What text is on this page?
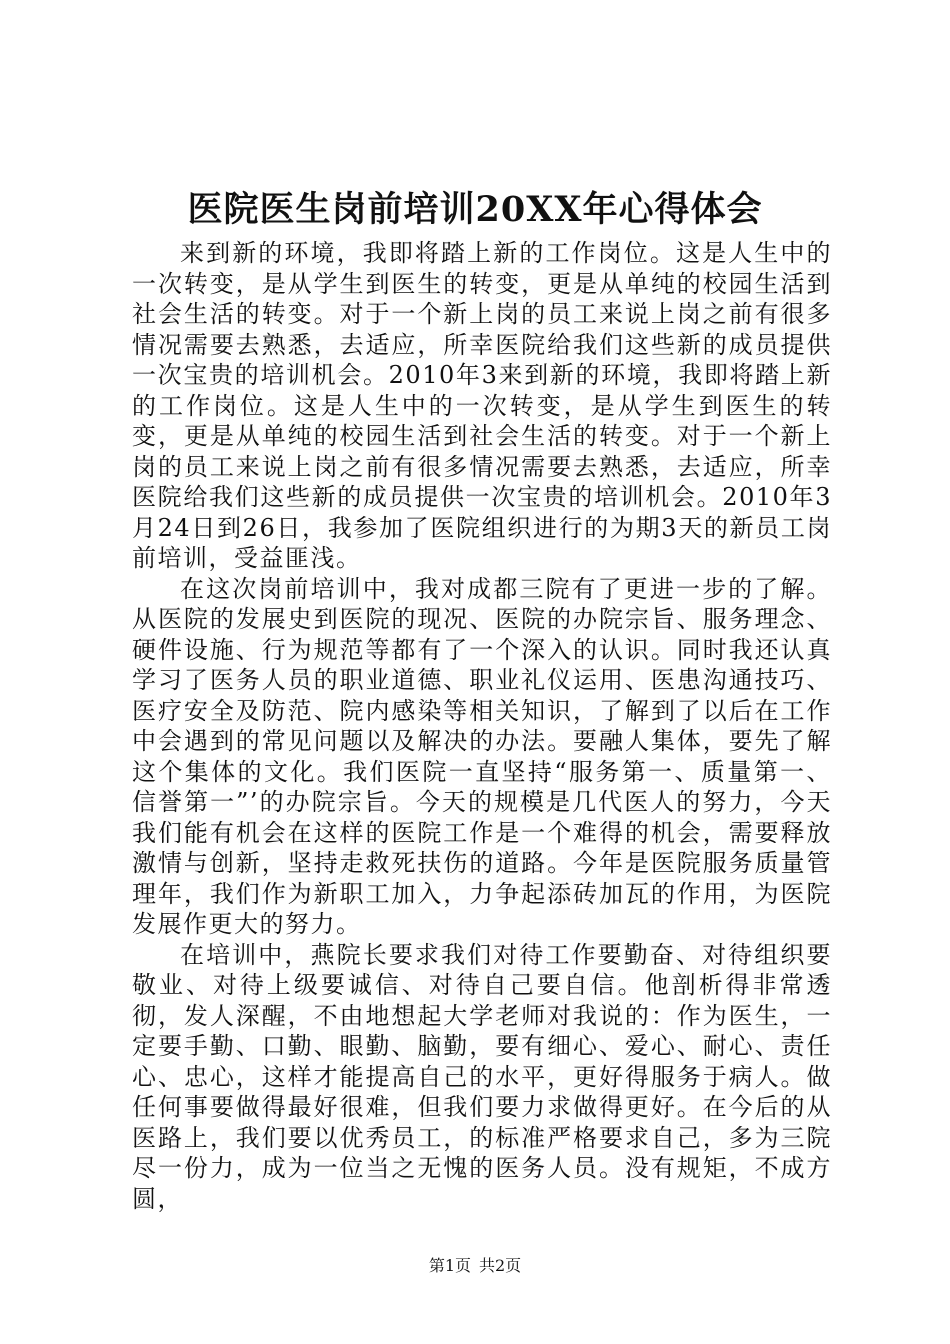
医院医生岗前培训20XX年心得体会

来到新的环境，我即将踏上新的工作岗位。这是人生中的一次转变，是从学生到医生的转变，更是从单纯的校园生活到社会生活的转变。对于一个新上岗的员工来说上岗之前有很多情况需要去熟悉，去适应，所幸医院给我们这些新的成员提供一次宝贵的培训机会。2010年3来到新的环境，我即将踏上新的工作岗位。这是人生中的一次转变，是从学生到医生的转变，更是从单纯的校园生活到社会生活的转变。对于一个新上岗的员工来说上岗之前有很多情况需要去熟悉，去适应，所幸医院给我们这些新的成员提供一次宝贵的培训机会。2010年3月24日到26日，我参加了医院组织进行的为期3天的新员工岗前培训，受益匪浅。

在这次岗前培训中，我对成都三院有了更进一步的了解。从医院的发展史到医院的现况、医院的办院宗旨、服务理念、硬件设施、行为规范等都有了一个深入的认识。同时我还认真学习了医务人员的职业道德、职业礼仪运用、医患沟通技巧、医疗安全及防范、院内感染等相关知识，了解到了以后在工作中会遇到的常见问题以及解决的办法。要融人集体，要先了解这个集体的文化。我们医院一直坚持“服务第一、质量第一、信誉第一”’的办院宗旨。今天的规模是几代医人的努力，今天我们能有机会在这样的医院工作是一个难得的机会，需要释放激情与创新，坚持走救死扶伤的道路。今年是医院服务质量管理年，我们作为新职工加入，力争起添砖加瓦的作用，为医院发展作更大的努力。

在培训中，燕院长要求我们对待工作要勤奋、对待组织要敬业、对待上级要诚信、对待自己要自信。他剖析得非常透彻，发人深醒，不由地想起大学老师对我说的：作为医生，一定要手勤、口勤、眼勤、脑勤，要有细心、爱心、耐心、责任心、忠心，这样才能提高自己的水平，更好得服务于病人。做任何事要做得最好很难，但我们要力求做得更好。在今后的从医路上，我们要以优秀员工，的标准严格要求自己，多为三院尽一份力，成为一位当之无愧的医务人员。没有规矩，不成方圆，

第1页 共2页
